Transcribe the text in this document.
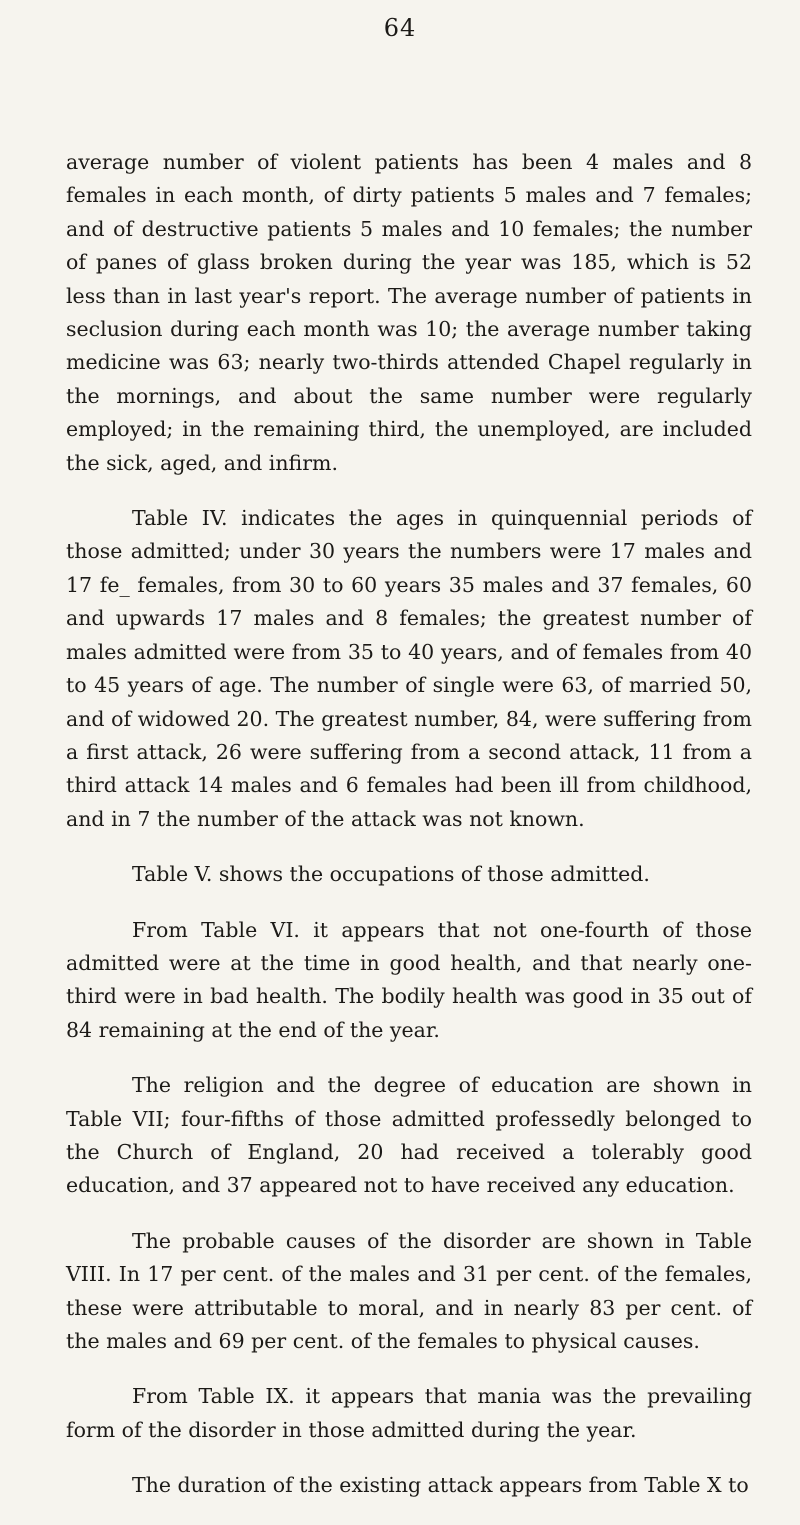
64

average number of violent patients has been 4 males and 8 females in each month, of dirty patients 5 males and 7 females; and of destructive patients 5 males and 10 females; the number of panes of glass broken during the year was 185, which is 52 less than in last year's report. The average number of patients in seclusion during each month was 10; the average number taking medicine was 63; nearly two-thirds attended Chapel regularly in the mornings, and about the same number were regularly employed; in the remaining third, the unemployed, are included the sick, aged, and infirm.

Table IV. indicates the ages in quinquennial periods of those admitted; under 30 years the numbers were 17 males and 17 fe_ females, from 30 to 60 years 35 males and 37 females, 60 and upwards 17 males and 8 females; the greatest number of males admitted were from 35 to 40 years, and of females from 40 to 45 years of age. The number of single were 63, of married 50, and of widowed 20. The greatest number, 84, were suffering from a first attack, 26 were suffering from a second attack, 11 from a third attack 14 males and 6 females had been ill from childhood, and in 7 the number of the attack was not known.

Table V. shows the occupations of those admitted.

From Table VI. it appears that not one-fourth of those admitted were at the time in good health, and that nearly one-third were in bad health. The bodily health was good in 35 out of 84 remaining at the end of the year.

The religion and the degree of education are shown in Table VII; four-fifths of those admitted professedly belonged to the Church of England, 20 had received a tolerably good education, and 37 appeared not to have received any education.

The probable causes of the disorder are shown in Table VIII. In 17 per cent. of the males and 31 per cent. of the females, these were attributable to moral, and in nearly 83 per cent. of the males and 69 per cent. of the females to physical causes.

From Table IX. it appears that mania was the prevailing form of the disorder in those admitted during the year.

The duration of the existing attack appears from Table X to
